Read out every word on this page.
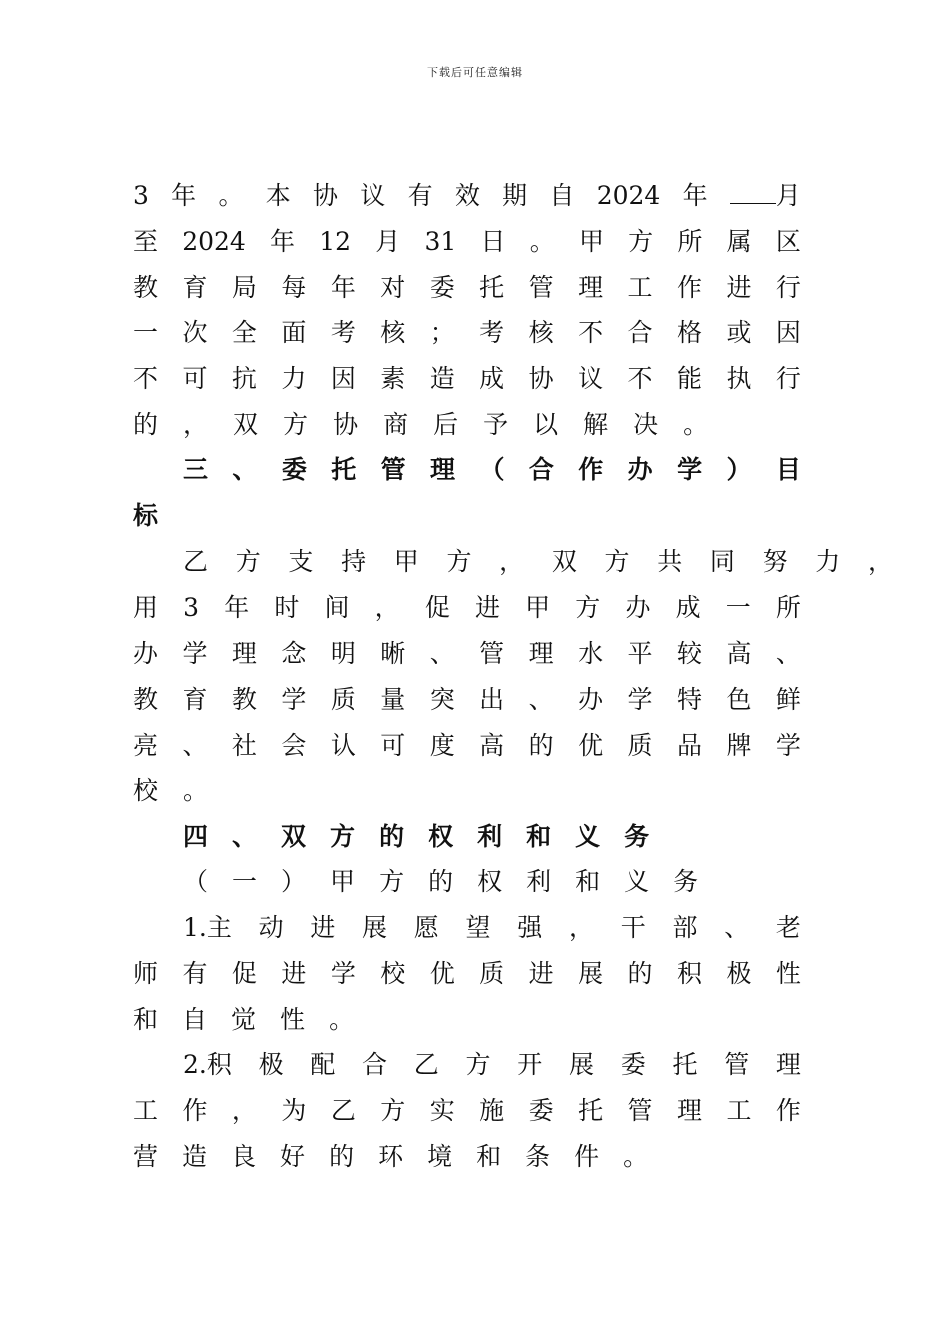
下载后可任意编辑
3 年 。 本 协 议 有 效 期 自 2024 年	月
至 2024 年 12 月 31 日 。 甲 方 所 属 区
教 育 局 每 年 对 委 托 管 理 工 作 进 行
一 次 全 面 考 核 ； 考 核 不 合 格 或 因
不 可 抗 力 因 素 造 成 协 议 不 能 执 行
的 ， 双 方 协 商 后 予 以 解 决 。
三 、 委 托 管 理 （ 合 作 办 学 ） 目
标
乙 方 支 持 甲 方 ， 双 方 共 同 努 力 ，
用 3 年 时 间 ， 促 进 甲 方 办 成 一 所
办 学 理 念 明 晰 、 管 理 水 平 较 高 、
教 育 教 学 质 量 突 出 、 办 学 特 色 鲜
亮 、 社 会 认 可 度 高 的 优 质 品 牌 学
校 。
四 、 双 方 的 权 利 和 义 务
（ 一 ） 甲 方 的 权 利 和 义 务
1.主 动 进 展 愿 望 强 ， 干 部 、 老
师 有 促 进 学 校 优 质 进 展 的 积 极 性
和 自 觉 性 。
2.积 极 配 合 乙 方 开 展 委 托 管 理
工 作 ， 为 乙 方 实 施 委 托 管 理 工 作
营 造 良 好 的 环 境 和 条 件 。
